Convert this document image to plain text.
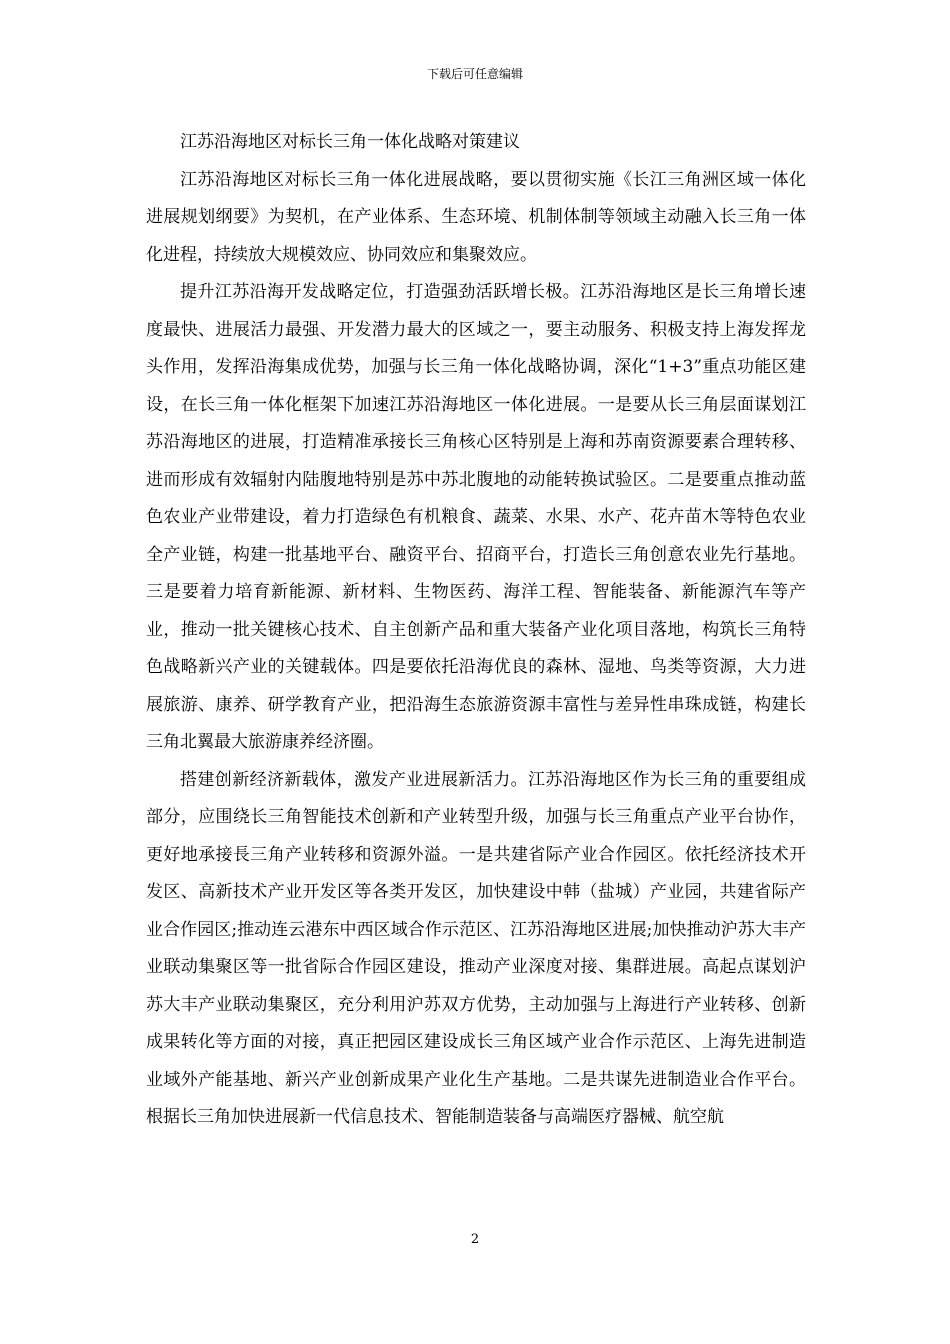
下载后可任意编辑

江苏沿海地区对标长三角一体化战略对策建议

江苏沿海地区对标长三角一体化进展战略，要以贯彻实施《长江三角洲区域一体化进展规划纲要》为契机，在产业体系、生态环境、机制体制等领域主动融入长三角一体化进程，持续放大规模效应、协同效应和集聚效应。

提升江苏沿海开发战略定位，打造强劲活跃增长极。江苏沿海地区是长三角增长速度最快、进展活力最强、开发潜力最大的区域之一，要主动服务、积极支持上海发挥龙头作用，发挥沿海集成优势，加强与长三角一体化战略协调，深化“1+3”重点功能区建设，在长三角一体化框架下加速江苏沿海地区一体化进展。一是要从长三角层面谋划江苏沿海地区的进展，打造精准承接长三角核心区特别是上海和苏南资源要素合理转移、进而形成有效辐射内陆腹地特别是苏中苏北腹地的动能转换试验区。二是要重点推动蓝色农业产业带建设，着力打造绿色有机粮食、蔬菜、水果、水产、花卉苗木等特色农业全产业链，构建一批基地平台、融资平台、招商平台，打造长三角创意农业先行基地。三是要着力培育新能源、新材料、生物医药、海洋工程、智能装备、新能源汽车等产业，推动一批关键核心技术、自主创新产品和重大装备产业化项目落地，构筑长三角特色战略新兴产业的关键载体。四是要依托沿海优良的森林、湿地、鸟类等资源，大力进展旅游、康养、研学教育产业，把沿海生态旅游资源丰富性与差异性串珠成链，构建长三角北翼最大旅游康养经济圈。

搭建创新经济新载体，激发产业进展新活力。江苏沿海地区作为长三角的重要组成部分，应围绕长三角智能技术创新和产业转型升级，加强与长三角重点产业平台协作，更好地承接長三角产业转移和资源外溢。一是共建省际产业合作园区。依托经济技术开发区、高新技术产业开发区等各类开发区，加快建设中韩（盐城）产业园，共建省际产业合作园区;推动连云港东中西区域合作示范区、江苏沿海地区进展;加快推动沪苏大丰产业联动集聚区等一批省际合作园区建设，推动产业深度对接、集群进展。高起点谋划沪苏大丰产业联动集聚区，充分利用沪苏双方优势，主动加强与上海进行产业转移、创新成果转化等方面的对接，真正把园区建设成长三角区域产业合作示范区、上海先进制造业域外产能基地、新兴产业创新成果产业化生产基地。二是共谋先进制造业合作平台。根据长三角加快进展新一代信息技术、智能制造装备与高端医疗器械、航空航

2
